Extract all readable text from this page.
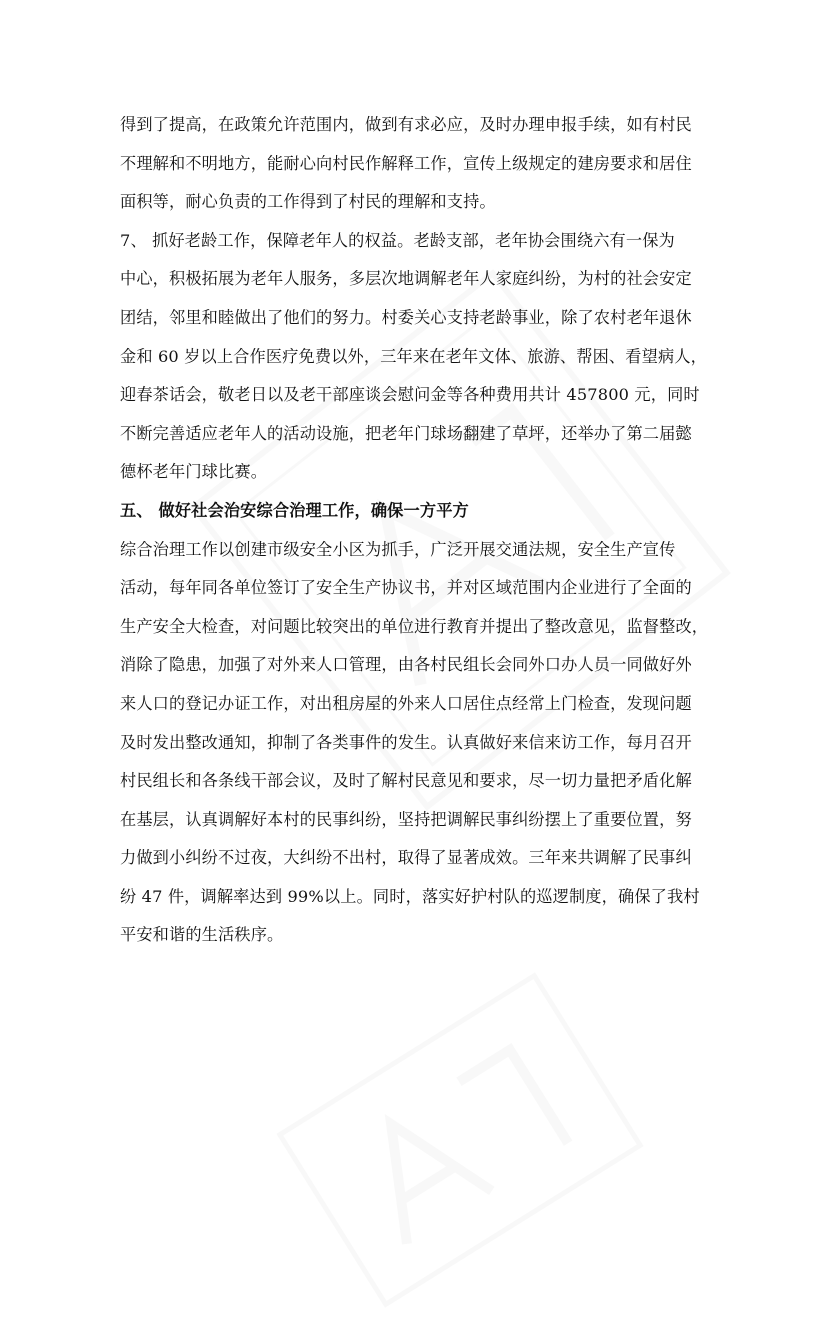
得到了提高，在政策允许范围内，做到有求必应，及时办理申报手续，如有村民

不理解和不明地方，能耐心向村民作解释工作，宣传上级规定的建房要求和居住

面积等，耐心负责的工作得到了村民的理解和支持。

7、 抓好老龄工作，保障老年人的权益。老龄支部，老年协会围绕六有一保为

中心，积极拓展为老年人服务，多层次地调解老年人家庭纠纷，为村的社会安定

团结，邻里和睦做出了他们的努力。村委关心支持老龄事业，除了农村老年退休

金和 60 岁以上合作医疗免费以外，三年来在老年文体、旅游、帮困、看望病人，

迎春茶话会，敬老日以及老干部座谈会慰问金等各种费用共计 457800 元，同时

不断完善适应老年人的活动设施，把老年门球场翻建了草坪，还举办了第二届懿

德杯老年门球比赛。

五、 做好社会治安综合治理工作，确保一方平方

综合治理工作以创建市级安全小区为抓手，广泛开展交通法规，安全生产宣传

活动，每年同各单位签订了安全生产协议书，并对区域范围内企业进行了全面的

生产安全大检查，对问题比较突出的单位进行教育并提出了整改意见，监督整改，

消除了隐患，加强了对外来人口管理，由各村民组长会同外口办人员一同做好外

来人口的登记办证工作，对出租房屋的外来人口居住点经常上门检查，发现问题

及时发出整改通知，抑制了各类事件的发生。认真做好来信来访工作，每月召开

村民组长和各条线干部会议，及时了解村民意见和要求，尽一切力量把矛盾化解

在基层，认真调解好本村的民事纠纷，坚持把调解民事纠纷摆上了重要位置，努

力做到小纠纷不过夜，大纠纷不出村，取得了显著成效。三年来共调解了民事纠

纷 47 件，调解率达到 99%以上。同时，落实好护村队的巡逻制度，确保了我村

平安和谐的生活秩序。
